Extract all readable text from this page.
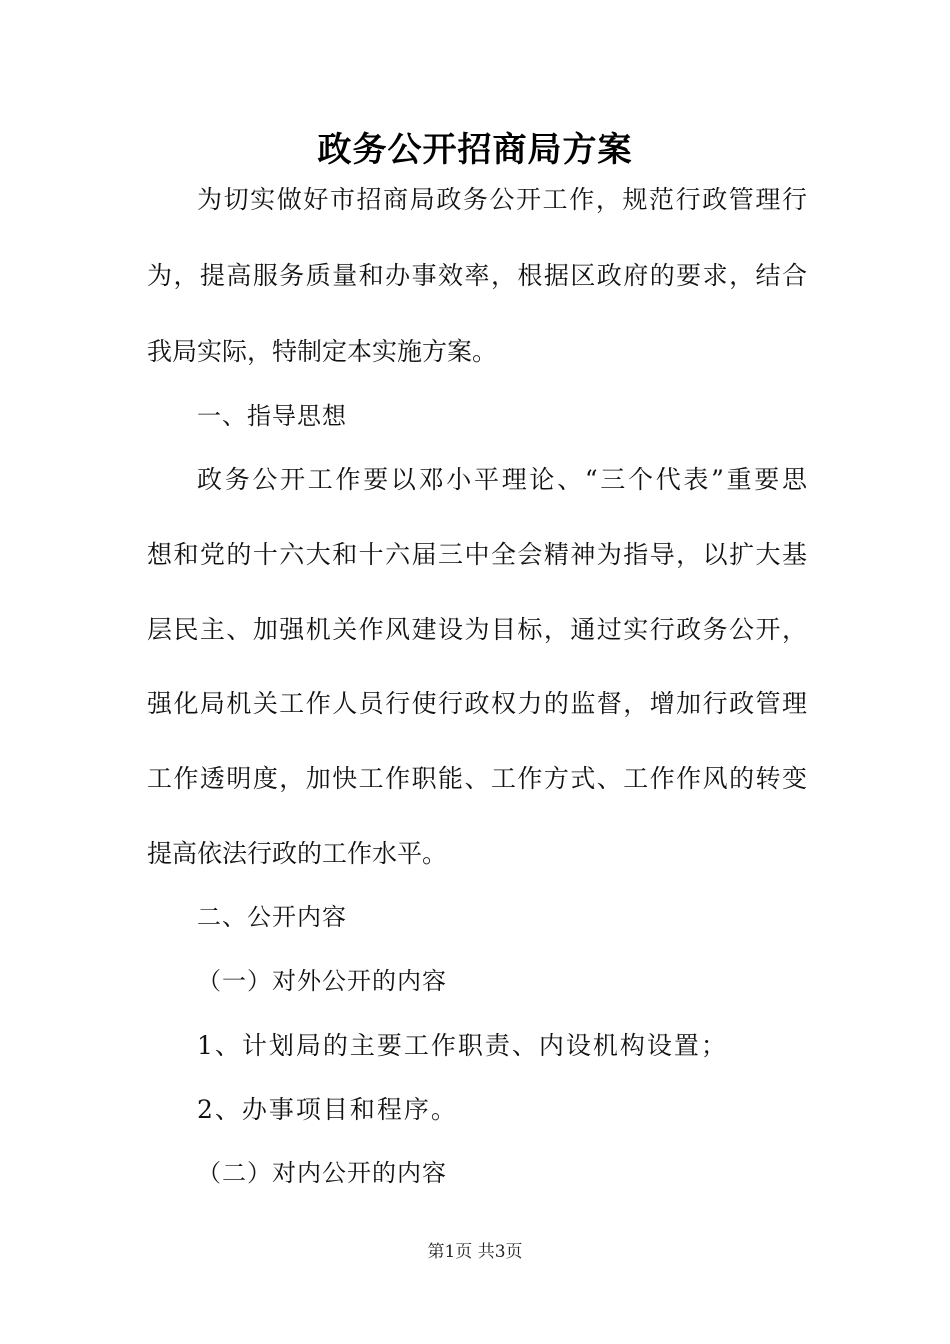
政务公开招商局方案
为切实做好市招商局政务公开工作，规范行政管理行
为，提高服务质量和办事效率，根据区政府的要求，结合
我局实际，特制定本实施方案。
一、指导思想
政务公开工作要以邓小平理论、“三个代表”重要思
想和党的十六大和十六届三中全会精神为指导，以扩大基
层民主、加强机关作风建设为目标，通过实行政务公开，
强化局机关工作人员行使行政权力的监督，增加行政管理
工作透明度，加快工作职能、工作方式、工作作风的转变
提高依法行政的工作水平。
二、公开内容
（一）对外公开的内容
1、计划局的主要工作职责、内设机构设置；
2、办事项目和程序。
（二）对内公开的内容
第1页 共3页
